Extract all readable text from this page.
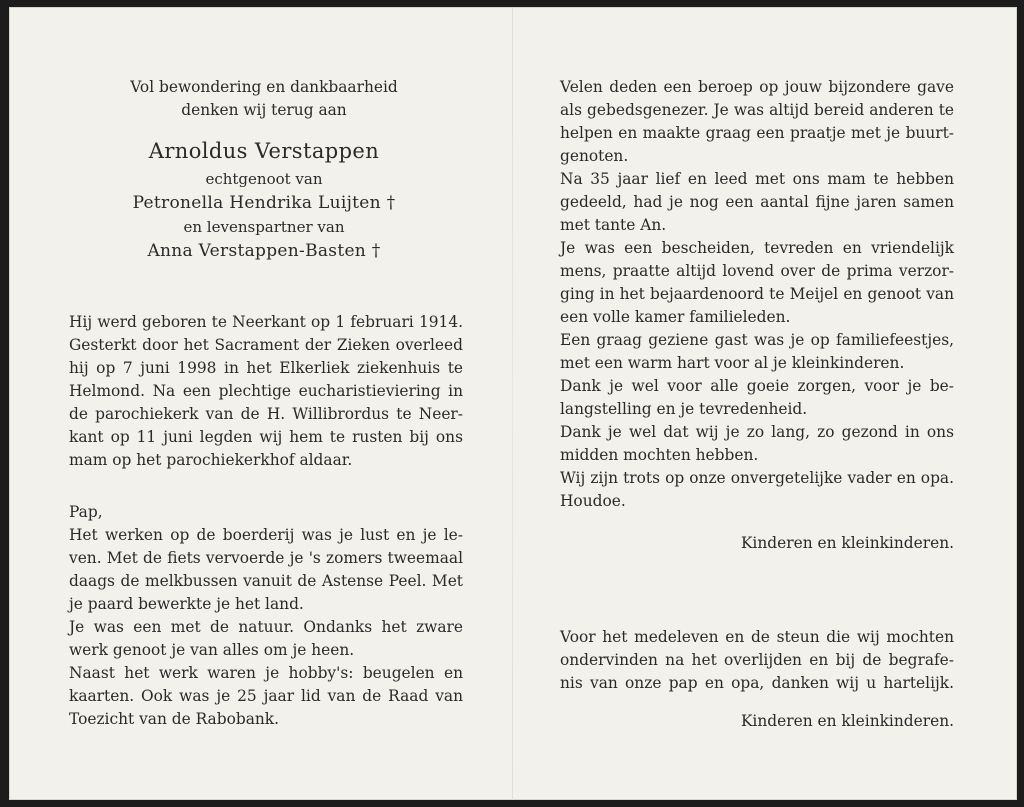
Vol bewondering en dankbaarheid
denken wij terug aan
Arnoldus Verstappen
echtgenoot van
Petronella Hendrika Luijten †
en levenspartner van
Anna Verstappen-Basten †
Hij werd geboren te Neerkant op 1 februari 1914.
Gesterkt door het Sacrament der Zieken overleed
hij op 7 juni 1998 in het Elkerliek ziekenhuis te
Helmond. Na een plechtige eucharistieviering in
de parochiekerk van de H. Willibrordus te Neer-
kant op 11 juni legden wij hem te rusten bij ons
mam op het parochiekerkhof aldaar.
Pap,
Het werken op de boerderij was je lust en je le-
ven. Met de fiets vervoerde je 's zomers tweemaal
daags de melkbussen vanuit de Astense Peel. Met
je paard bewerkte je het land.
Je was een met de natuur. Ondanks het zware
werk genoot je van alles om je heen.
Naast het werk waren je hobby's: beugelen en
kaarten. Ook was je 25 jaar lid van de Raad van
Toezicht van de Rabobank.
Velen deden een beroep op jouw bijzondere gave
als gebedsgenezer. Je was altijd bereid anderen te
helpen en maakte graag een praatje met je buurt-
genoten.
Na 35 jaar lief en leed met ons mam te hebben
gedeeld, had je nog een aantal fijne jaren samen
met tante An.
Je was een bescheiden, tevreden en vriendelijk
mens, praatte altijd lovend over de prima verzor-
ging in het bejaardenoord te Meijel en genoot van
een volle kamer familieleden.
Een graag geziene gast was je op familiefeestjes,
met een warm hart voor al je kleinkinderen.
Dank je wel voor alle goeie zorgen, voor je be-
langstelling en je tevredenheid.
Dank je wel dat wij je zo lang, zo gezond in ons
midden mochten hebben.
Wij zijn trots op onze onvergetelijke vader en opa.
Houdoe.
Kinderen en kleinkinderen.
Voor het medeleven en de steun die wij mochten
ondervinden na het overlijden en bij de begrafe-
nis van onze pap en opa, danken wij u hartelijk.
Kinderen en kleinkinderen.
